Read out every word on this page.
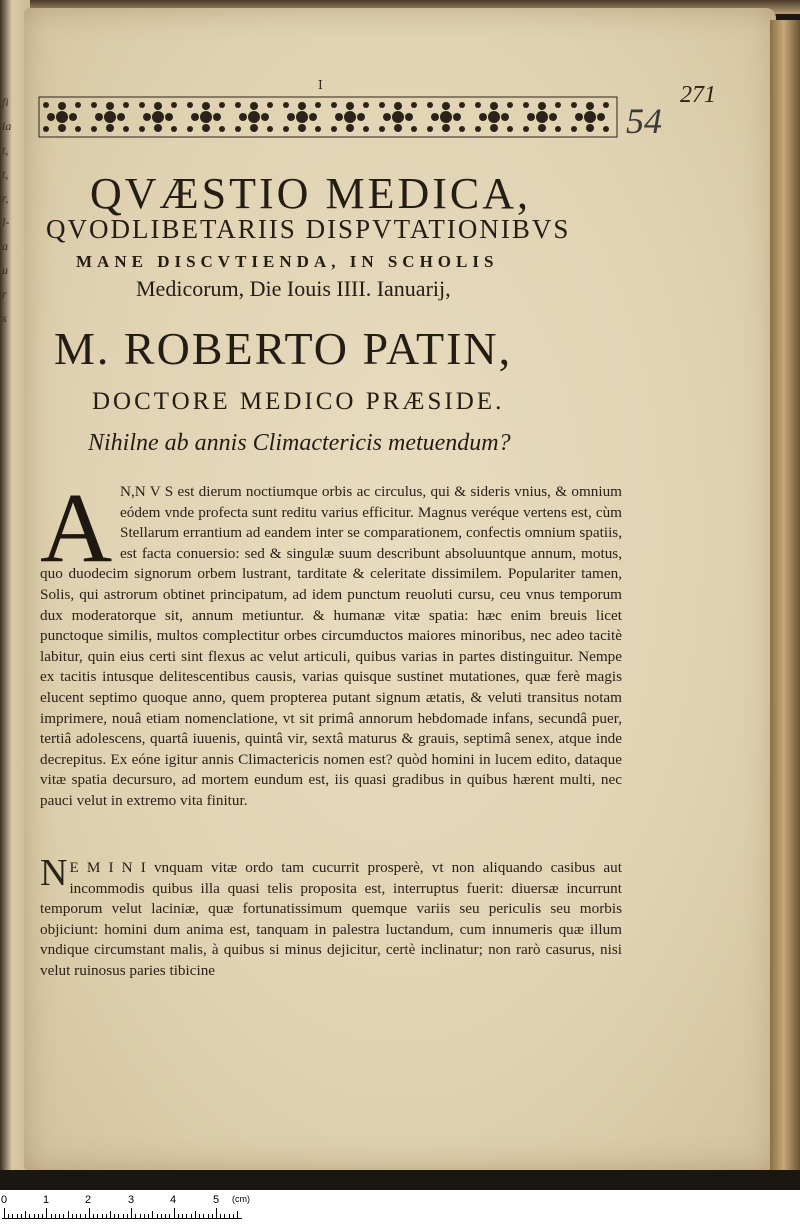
fi
ia
t,
t,
r,
l-
a
u
r
s
I	271
54
QVÆSTIO MEDICA,
QVODLIBETARIIS DISPVTATIONIBVS
MANE DISCVTIENDA, IN SCHOLIS
Medicorum, Die Iouis IIII. Ianuarij,
M. ROBERTO PATIN,
DOCTORE MEDICO PRÆSIDE.
Nihilne ab annis Climactericis metuendum?
A N,N V S est dierum noctiumque orbis ac circulus, qui & sideris vnius, & omnium eódem vnde profecta sunt reditu varius efficitur. Magnus veréque vertens est, cùm Stellarum errantium ad eandem inter se comparationem, confectis omnium spatiis, est facta conuersio: sed & singulæ suum describunt absoluuntque annum, motus, quo duodecim signorum orbem lustrant, tarditate & celeritate dissimilem. Populariter tamen, Solis, qui astrorum obtinet principatum, ad idem punctum reuoluti cursu, ceu vnus temporum dux moderatorque sit, annum metiuntur. & humanæ vitæ spatia: hæc enim breuis licet punctoque similis, multos complectitur orbes circumductos maiores minoribus, nec adeo tacitè labitur, quin eius certi sint flexus ac velut articuli, quibus varias in partes distinguitur. Nempe ex tacitis intusque delitescentibus causis, varias quisque sustinet mutationes, quæ ferè magis elucent septimo quoque anno, quem propterea putant signum ætatis, & veluti transitus notam imprimere, nouâ etiam nomenclatione, vt sit primâ annorum hebdomade infans, secundâ puer, tertiâ adolescens, quartâ iuuenis, quintâ vir, sextâ maturus & grauis, septimâ senex, atque inde decrepitus. Ex eóne igitur annis Climactericis nomen est? quòd homini in lucem edito, dataque vitæ spatia decursuro, ad mortem eundum est, iis quasi gradibus in quibus hærent multi, nec pauci velut in extremo vita finitur.
N E M I N I vnquam vitæ ordo tam cucurrit prosperè, vt non aliquando casibus aut incommodis quibus illa quasi telis proposita est, interruptus fuerit: diuersæ incurrunt temporum velut laciniæ, quæ fortunatissimum quemque variis seu periculis seu morbis objiciunt: homini dum anima est, tanquam in palestra luctandum, cum innumeris quæ illum vndique circumstant malis, à quibus si minus dejicitur, certè inclinatur; non rarò casurus, nisi velut ruinosus paries tibicine
0	1	2	3	4	5 (cm)
